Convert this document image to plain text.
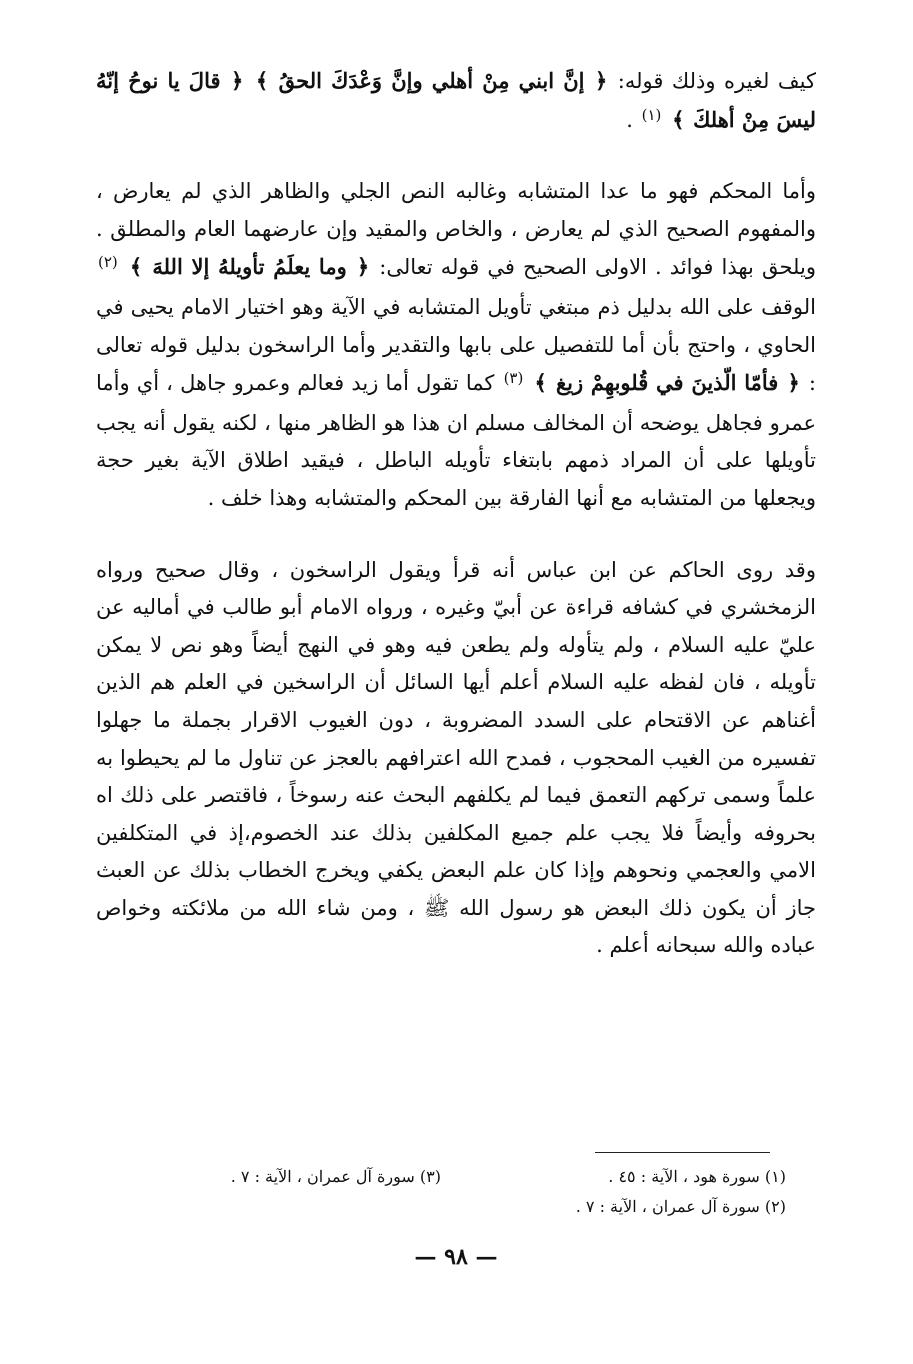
كيف لغيره وذلك قوله: ﴿ إنَّ ابني مِنْ أهلي وإنَّ وَعْدَكَ الحقُ ﴾ ﴿ قالَ يا نوحُ إنّهُ ليسَ مِنْ أهلكَ ﴾ $^{(١)}$ .

وأما المحكم فهو ما عدا المتشابه وغالبه النص الجلي والظاهر الذي لم يعارض ، والمفهوم الصحيح الذي لم يعارض ، والخاص والمقيد وإن عارضهما العام والمطلق . ويلحق بهذا فوائد . الاولى الصحيح في قوله تعالى: ﴿ وما يعلَمُ تأويلهُ إلا اللهَ ﴾ $^{(٢)}$ الوقف على الله بدليل ذم مبتغي تأويل المتشابه في الآية وهو اختيار الامام يحيى في الحاوي ، واحتج بأن أما للتفصيل على بابها والتقدير وأما الراسخون بدليل قوله تعالى : ﴿ فأمّا الّذينَ في قُلوبهِمْ زيغ ﴾ $^{(٣)}$ كما تقول أما زيد فعالم وعمرو جاهل ، أي وأما عمرو فجاهل يوضحه أن المخالف مسلم ان هذا هو الظاهر منها ، لكنه يقول أنه يجب تأويلها على أن المراد ذمهم بابتغاء تأويله الباطل ، فيقيد اطلاق الآية بغير حجة ويجعلها من المتشابه مع أنها الفارقة بين المحكم والمتشابه وهذا خلف .

وقد روى الحاكم عن ابن عباس أنه قرأ ويقول الراسخون ، وقال صحيح ورواه الزمخشري في كشافه قراءة عن أبيّ وغيره ، ورواه الامام أبو طالب في أماليه عن عليّ عليه السلام ، ولم يتأوله ولم يطعن فيه وهو في النهج أيضاً وهو نص لا يمكن تأويله ، فان لفظه عليه السلام أعلم أيها السائل أن الراسخين في العلم هم الذين أغناهم عن الاقتحام على السدد المضروبة ، دون الغيوب الاقرار بجملة ما جهلوا تفسيره من الغيب المحجوب ، فمدح الله اعترافهم بالعجز عن تناول ما لم يحيطوا به علماً وسمى تركهم التعمق فيما لم يكلفهم البحث عنه رسوخاً ، فاقتصر على ذلك اه بحروفه وأيضاً فلا يجب علم جميع المكلفين بذلك عند الخصوم،إذ في المتكلفين الامي والعجمي ونحوهم وإذا كان علم البعض يكفي ويخرج الخطاب بذلك عن العبث جاز أن يكون ذلك البعض هو رسول الله ﷺ ، ومن شاء الله من ملائكته وخواص عباده والله سبحانه أعلم .

(١) سورة هود ، الآية : ٤٥ .
(٣) سورة آل عمران ، الآية : ٧ .
(٢) سورة آل عمران ، الآية : ٧ .
— ٩٨ —
